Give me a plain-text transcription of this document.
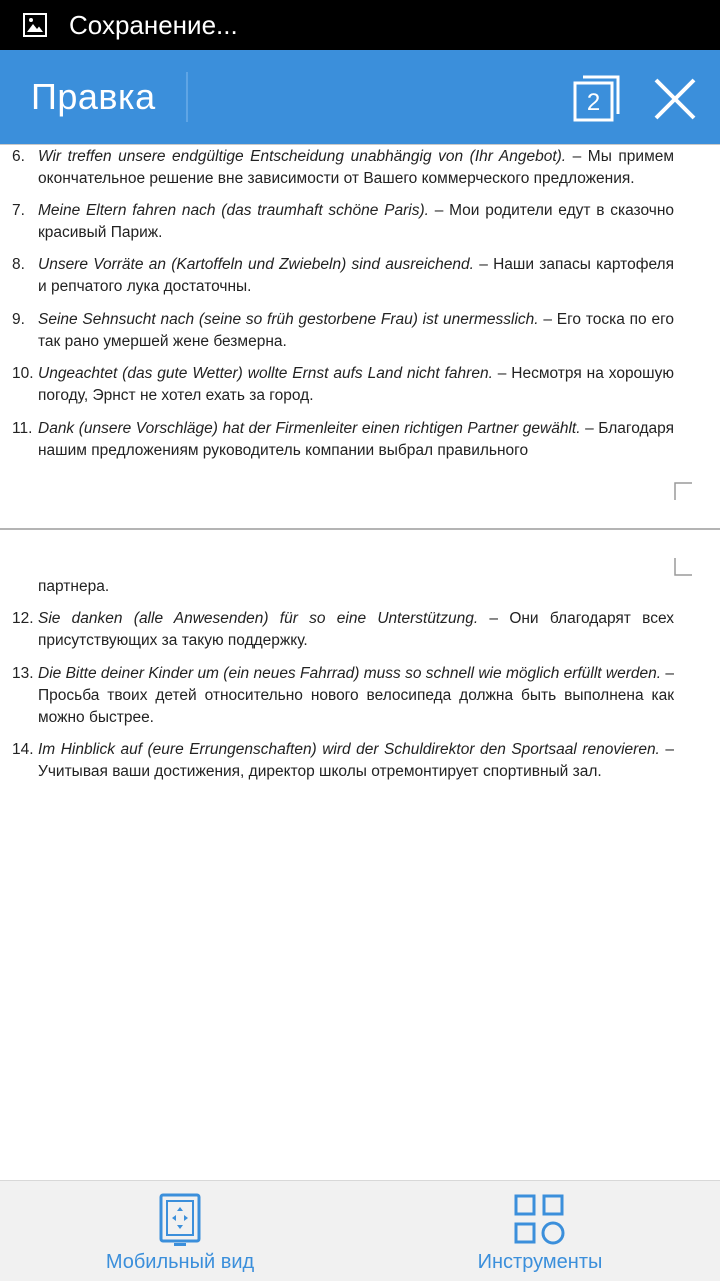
Сохранение...
Правка	2
6. Wir treffen unsere endgültige Entscheidung unabhängig von (Ihr Angebot). – Мы примем окончательное решение вне зависимости от Вашего коммерческого предложения.
7. Meine Eltern fahren nach (das traumhaft schöne Paris). – Мои родители едут в сказочно красивый Париж.
8. Unsere Vorräte an (Kartoffeln und Zwiebeln) sind ausreichend. – Наши запасы картофеля и репчатого лука достаточны.
9. Seine Sehnsucht nach (seine so früh gestorbene Frau) ist unermesslich. – Его тоска по его так рано умершей жене безмерна.
10. Ungeachtet (das gute Wetter) wollte Ernst aufs Land nicht fahren. – Несмотря на хорошую погоду, Эрнст не хотел ехать за город.
11. Dank (unsere Vorschläge) hat der Firmenleiter einen richtigen Partner gewählt. – Благодаря нашим предложениям руководитель компании выбрал правильного
партнера.
12. Sie danken (alle Anwesenden) für so eine Unterstützung. – Они благодарят всех присутствующих за такую поддержку.
13. Die Bitte deiner Kinder um (ein neues Fahrrad) muss so schnell wie möglich erfüllt werden. – Просьба твоих детей относительно нового велосипеда должна быть выполнена как можно быстрее.
14. Im Hinblick auf (eure Errungenschaften) wird der Schuldirektor den Sportsaal renovieren. – Учитывая ваши достижения, директор школы отремонтирует спортивный зал.
Мобильный вид	Инструменты
